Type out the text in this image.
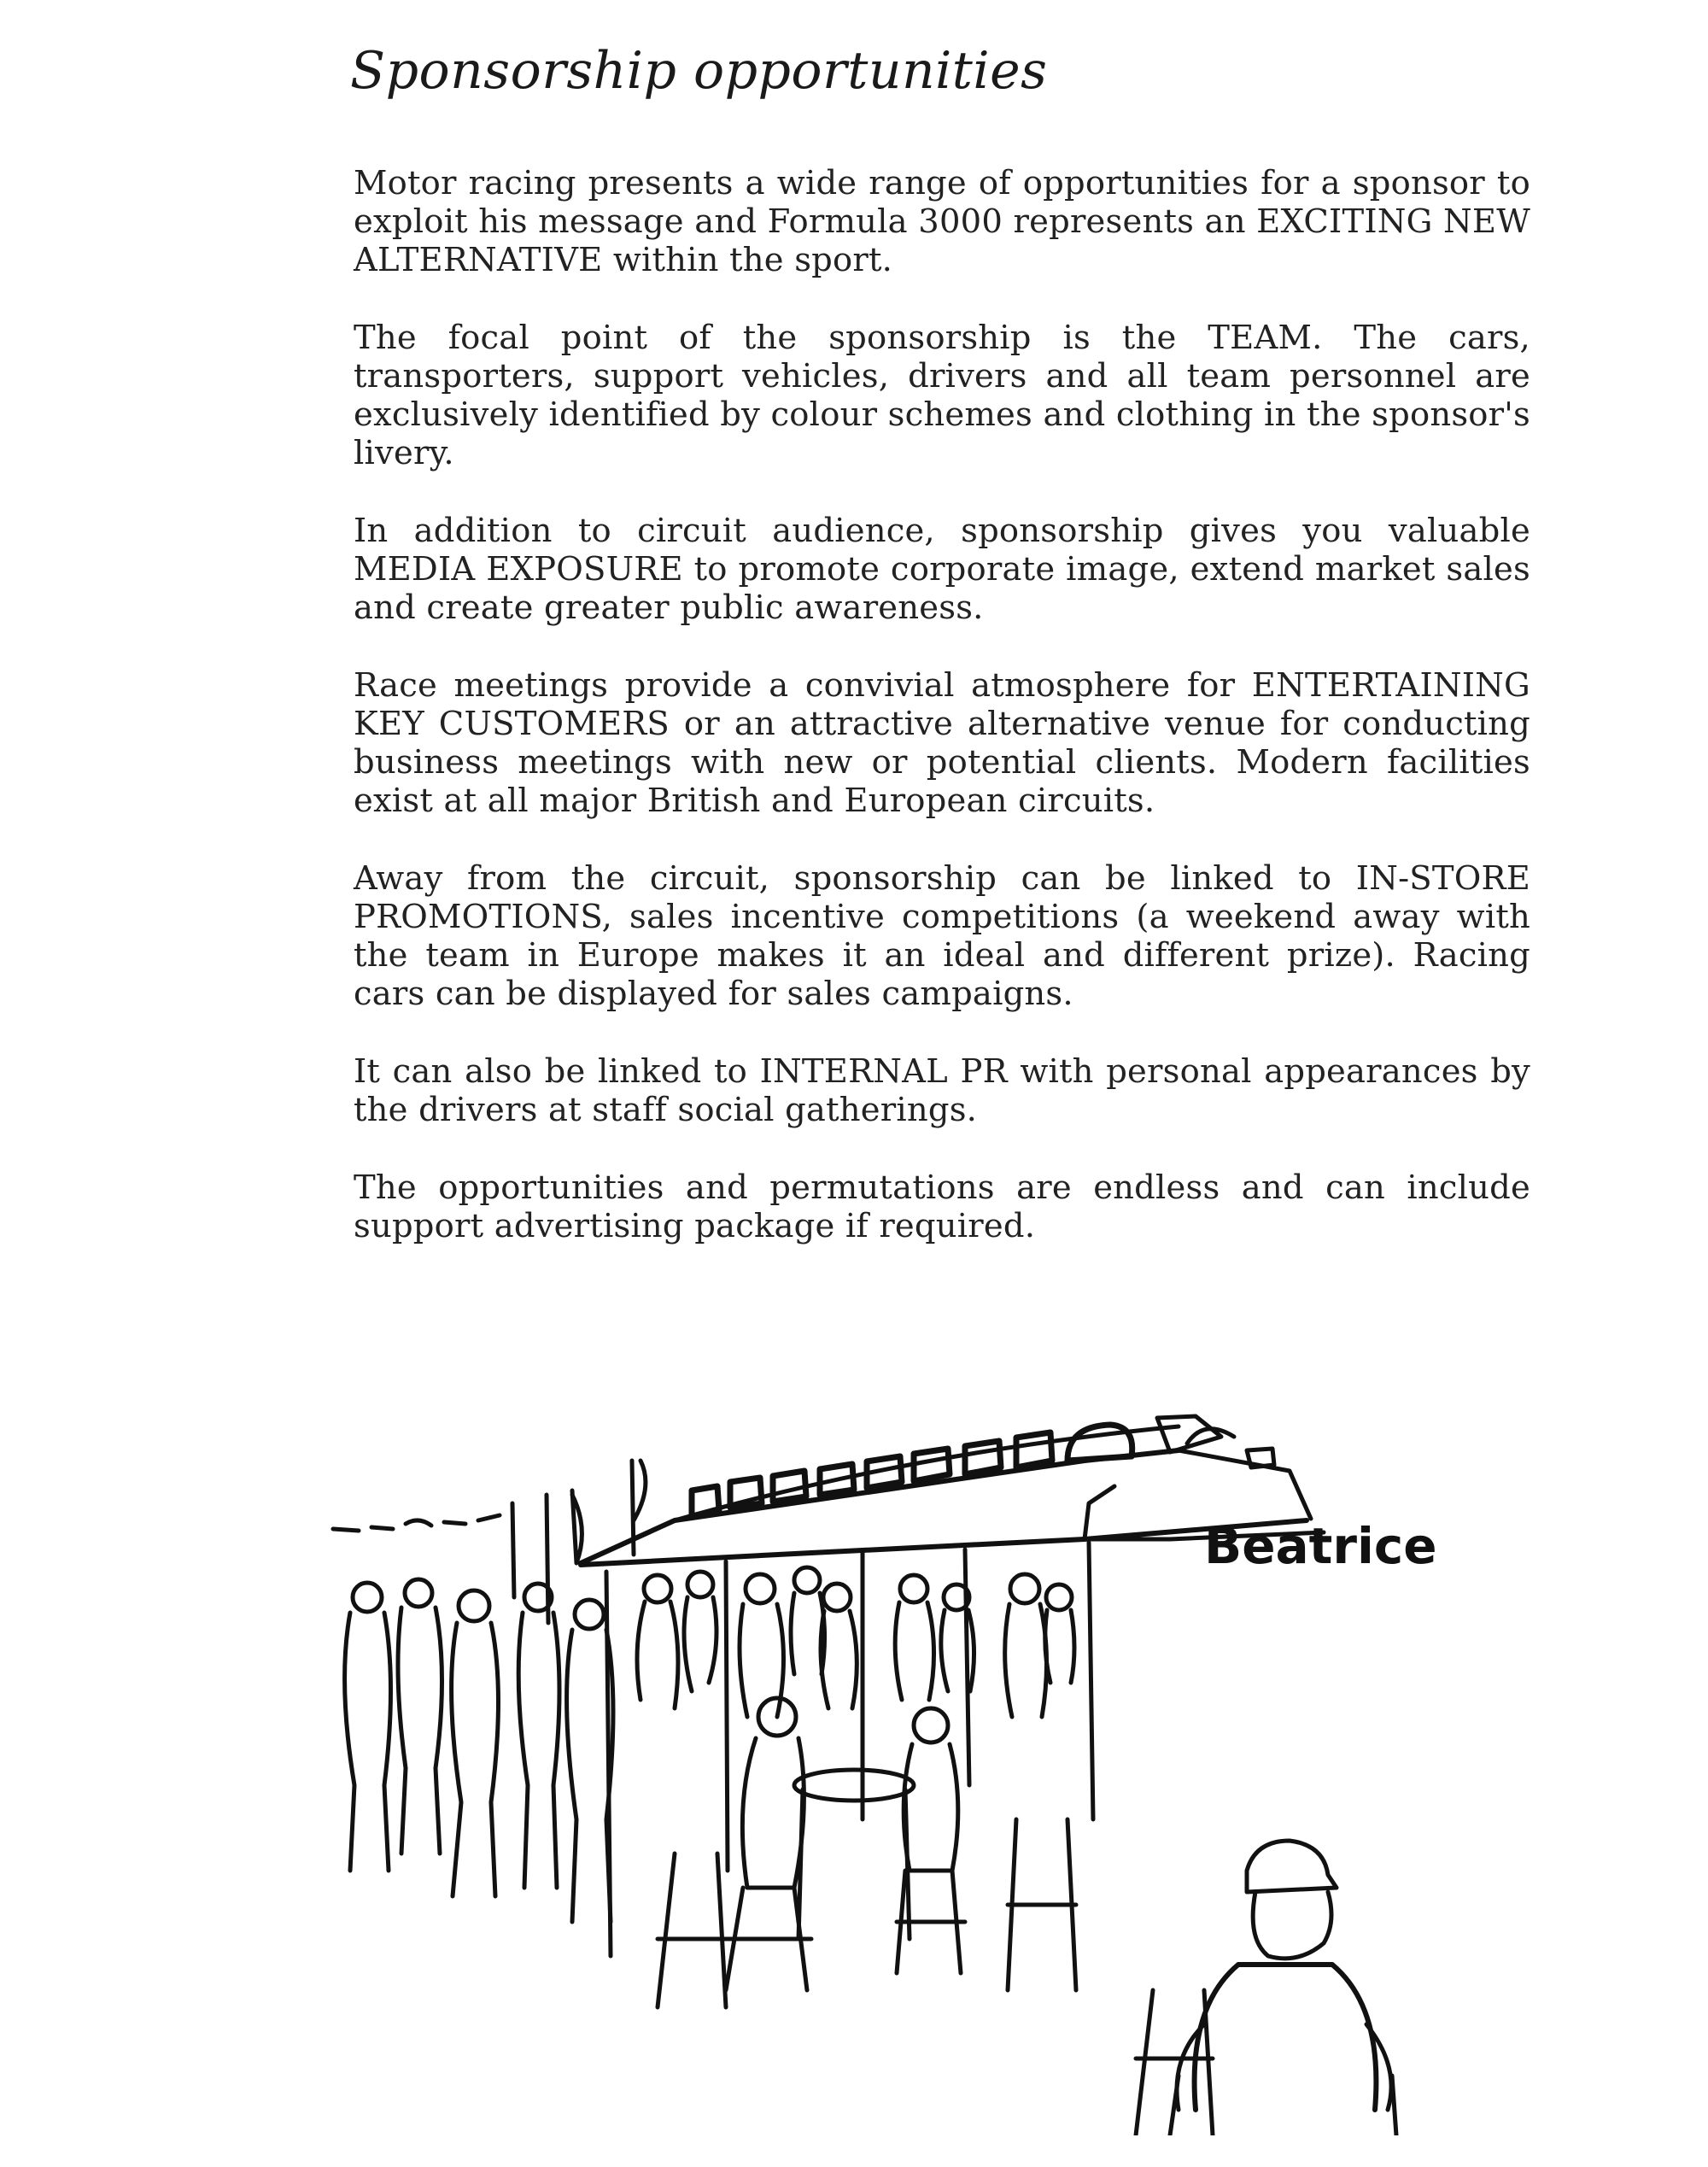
Sponsorship opportunities

Motor racing presents a wide range of opportunities for a sponsor to exploit his message and Formula 3000 represents an EXCITING NEW ALTERNATIVE within the sport.

The focal point of the sponsorship is the TEAM. The cars, transporters, support vehicles, drivers and all team personnel are exclusively identified by colour schemes and clothing in the sponsor's livery.

In addition to circuit audience, sponsorship gives you valuable MEDIA EXPOSURE to promote corporate image, extend market sales and create greater public awareness.

Race meetings provide a convivial atmosphere for ENTERTAINING KEY CUSTOMERS or an attractive alternative venue for conducting business meetings with new or potential clients. Modern facilities exist at all major British and European circuits.

Away from the circuit, sponsorship can be linked to IN-STORE PROMOTIONS, sales incentive competitions (a weekend away with the team in Europe makes it an ideal and different prize). Racing cars can be displayed for sales campaigns.

It can also be linked to INTERNAL PR with personal appearances by the drivers at staff social gatherings.

The opportunities and permutations are endless and can include support advertising package if required.

Beatrice
